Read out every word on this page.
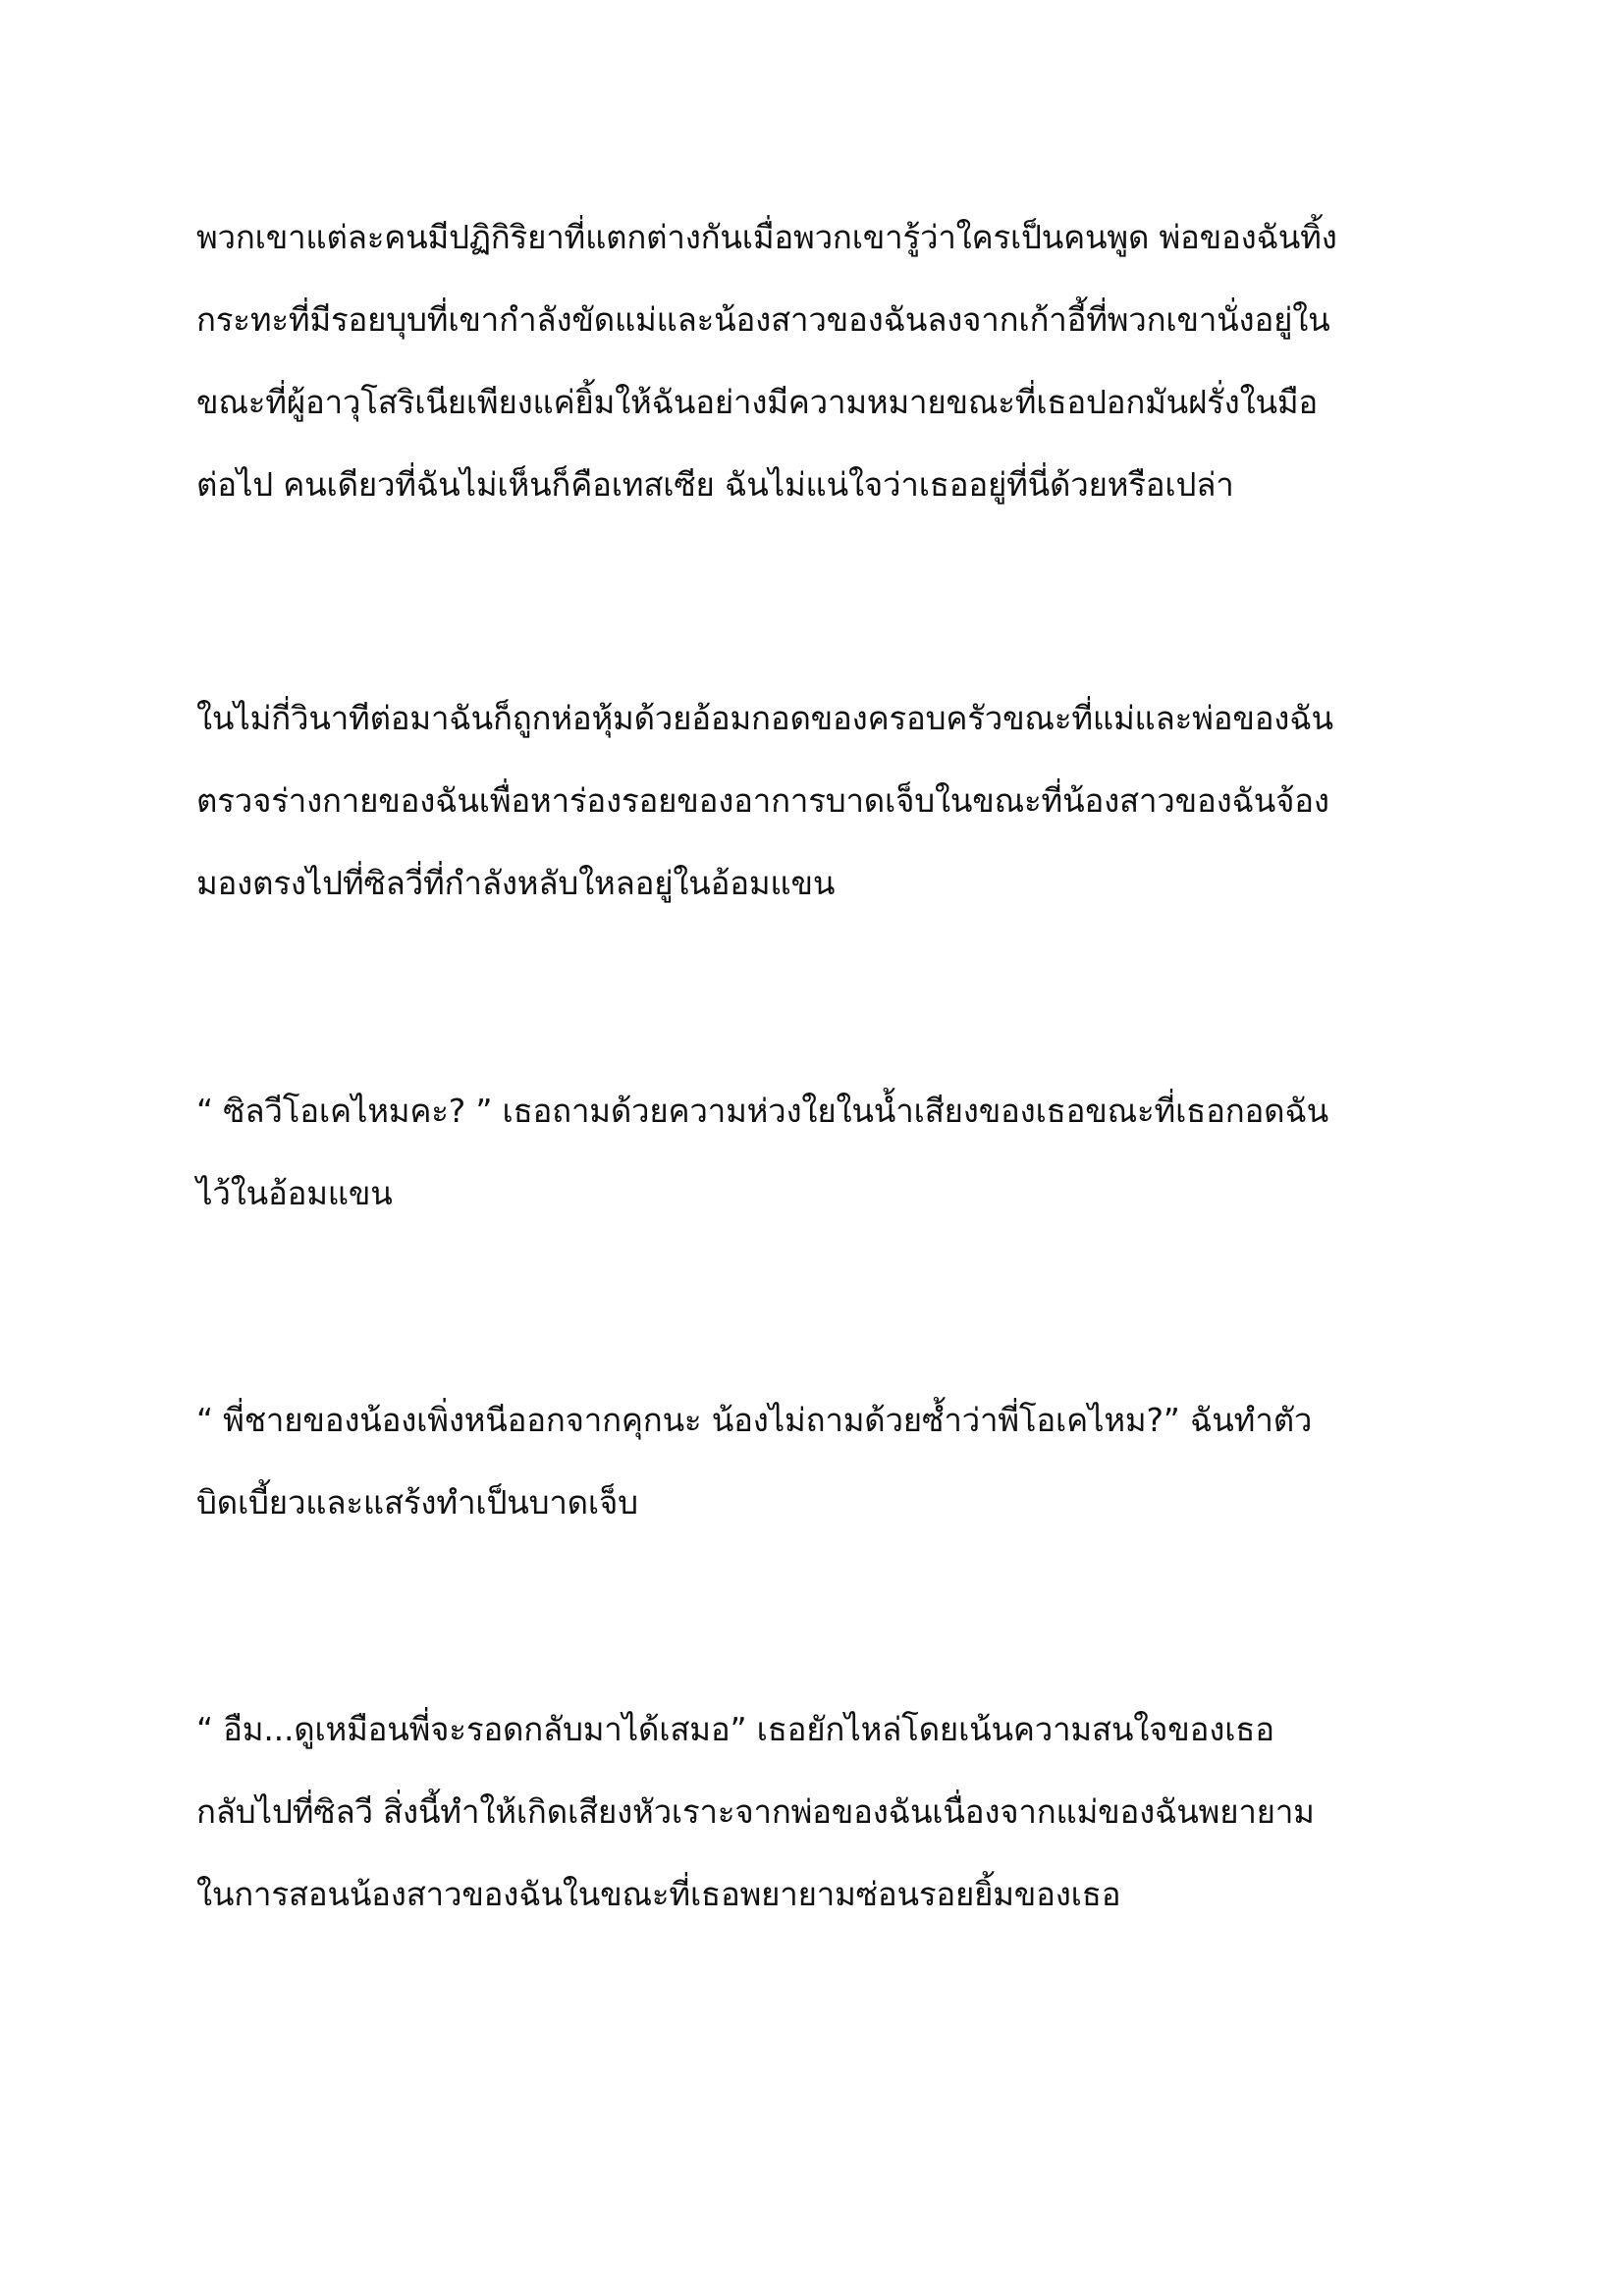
พวกเขาแต่ละคนมีปฏิกิริยาที่แตกต่างกันเมื่อพวกเขารู้ว่าใครเป็นคนพูด พ่อของฉันทิ้ง
กระทะที่มีรอยบุบที่เขากำลังขัดแม่และน้องสาวของฉันลงจากเก้าอี้ที่พวกเขานั่งอยู่ใน
ขณะที่ผู้อาวุโสริเนียเพียงแค่ยิ้มให้ฉันอย่างมีความหมายขณะที่เธอปอกมันฝรั่งในมือ
ต่อไป คนเดียวที่ฉันไม่เห็นก็คือเทสเซีย ฉันไม่แน่ใจว่าเธออยู่ที่นี่ด้วยหรือเปล่า
ในไม่กี่วินาทีต่อมาฉันก็ถูกห่อหุ้มด้วยอ้อมกอดของครอบครัวขณะที่แม่และพ่อของฉัน
ตรวจร่างกายของฉันเพื่อหาร่องรอยของอาการบาดเจ็บในขณะที่น้องสาวของฉันจ้อง
มองตรงไปที่ซิลวี่ที่กำลังหลับใหลอยู่ในอ้อมแขน
“ ซิลวีโอเคไหมคะ? ” เธอถามด้วยความห่วงใยในน้ำเสียงของเธอขณะที่เธอกอดฉัน
ไว้ในอ้อมแขน
“ พี่ชายของน้องเพิ่งหนีออกจากคุกนะ น้องไม่ถามด้วยซ้ำว่าพี่โอเคไหม?” ฉันทำตัว
บิดเบี้ยวและแสร้งทำเป็นบาดเจ็บ
“ อืม...ดูเหมือนพี่จะรอดกลับมาได้เสมอ” เธอยักไหล่โดยเน้นความสนใจของเธอ
กลับไปที่ซิลวี สิ่งนี้ทำให้เกิดเสียงหัวเราะจากพ่อของฉันเนื่องจากแม่ของฉันพยายาม
ในการสอนน้องสาวของฉันในขณะที่เธอพยายามซ่อนรอยยิ้มของเธอ
